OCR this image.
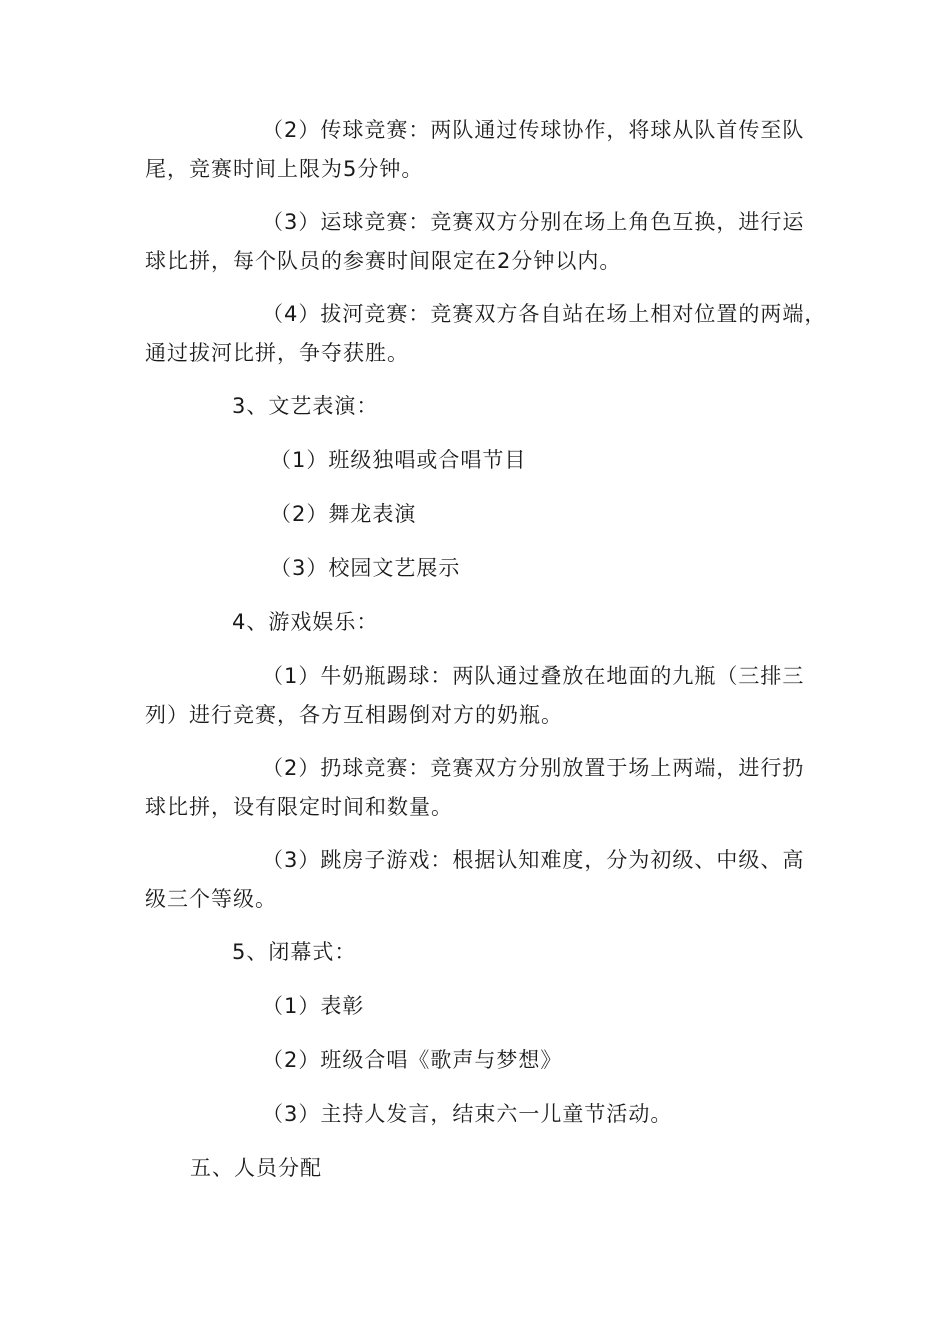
（2）传球竞赛：两队通过传球协作，将球从队首传至队
尾，竞赛时间上限为5分钟。
（3）运球竞赛：竞赛双方分别在场上角色互换，进行运
球比拼，每个队员的参赛时间限定在2分钟以内。
（4）拔河竞赛：竞赛双方各自站在场上相对位置的两端，
通过拔河比拼，争夺获胜。
3、文艺表演：
（1）班级独唱或合唱节目
（2）舞龙表演
（3）校园文艺展示
4、游戏娱乐：
（1）牛奶瓶踢球：两队通过叠放在地面的九瓶（三排三
列）进行竞赛，各方互相踢倒对方的奶瓶。
（2）扔球竞赛：竞赛双方分别放置于场上两端，进行扔
球比拼，设有限定时间和数量。
（3）跳房子游戏：根据认知难度，分为初级、中级、高
级三个等级。
5、闭幕式：
（1）表彰
（2）班级合唱《歌声与梦想》
（3）主持人发言，结束六一儿童节活动。
五、人员分配
